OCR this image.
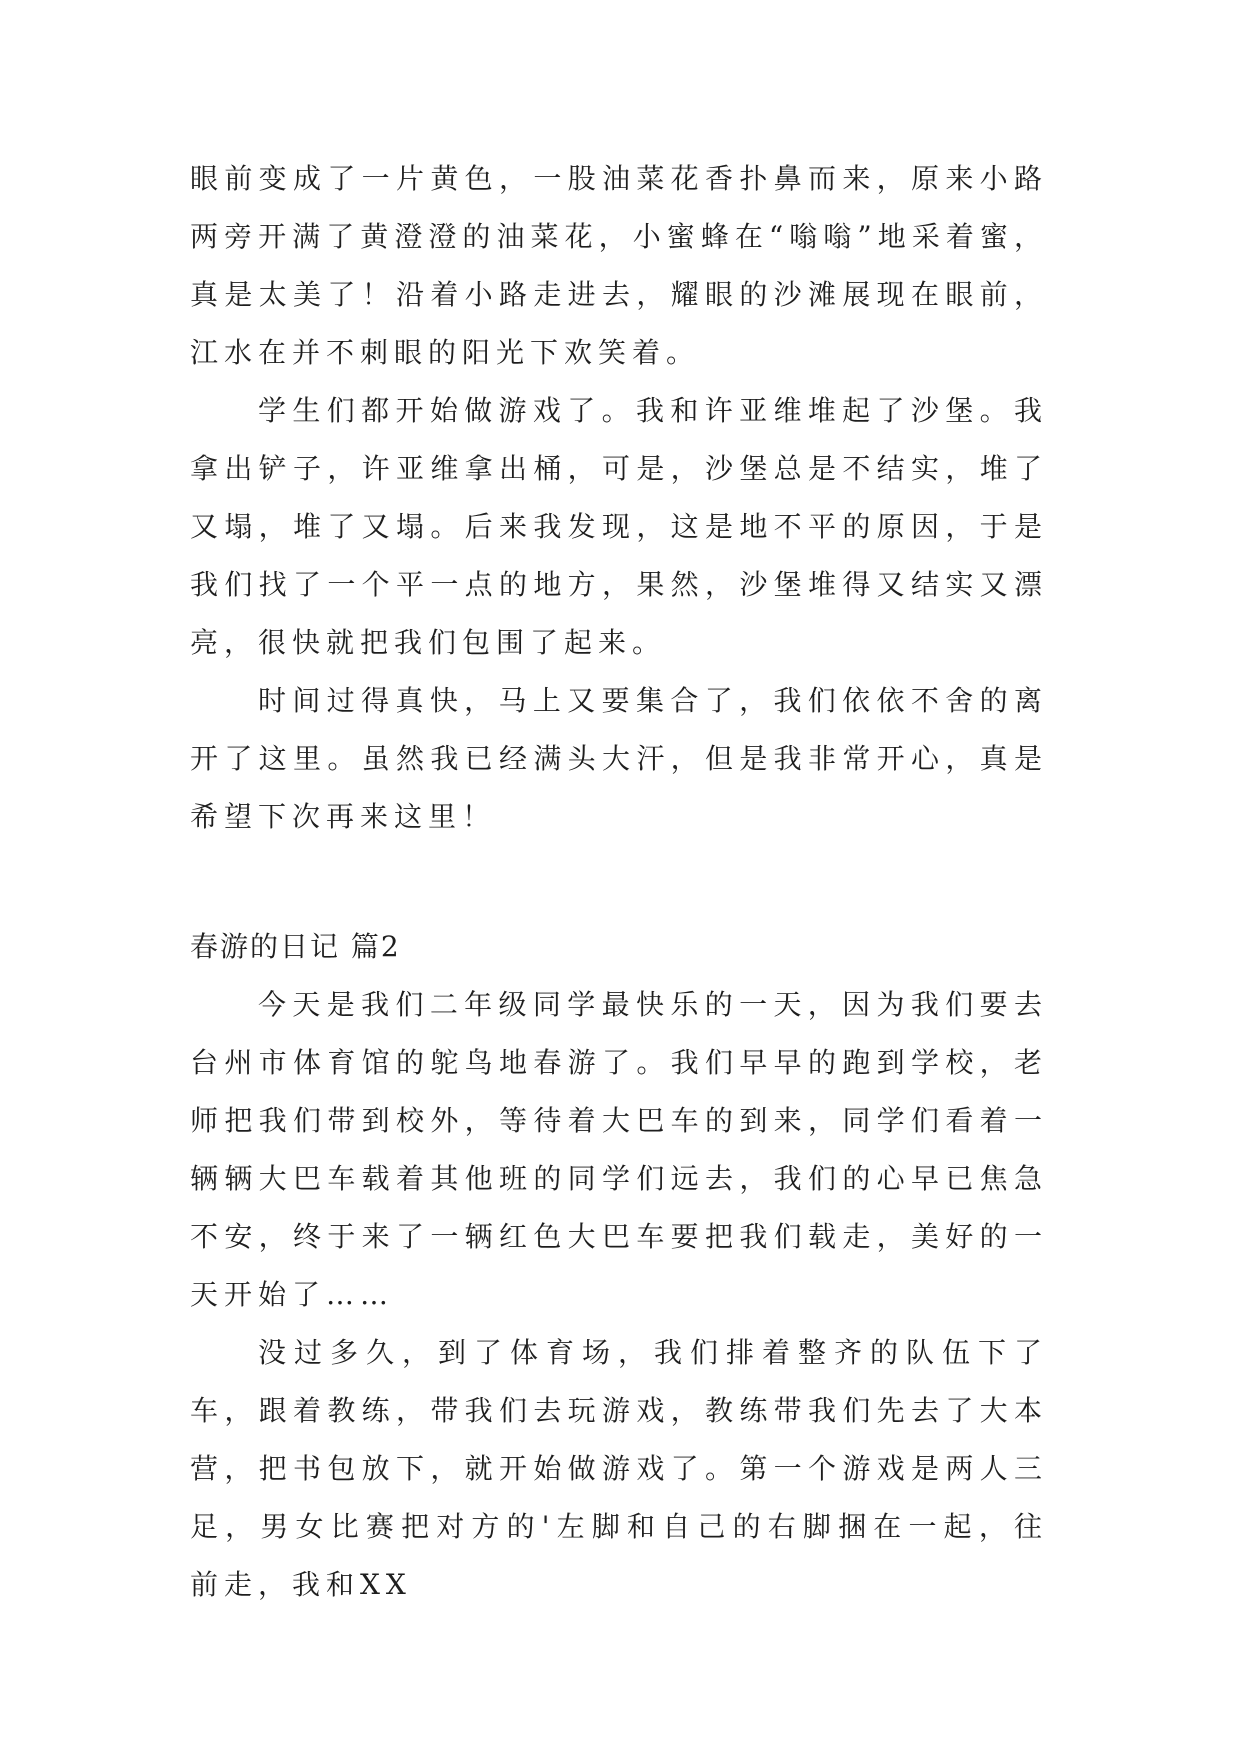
眼前变成了一片黄色，一股油菜花香扑鼻而来，原来小路两旁开满了黄澄澄的油菜花，小蜜蜂在“嗡嗡”地采着蜜，真是太美了！沿着小路走进去，耀眼的沙滩展现在眼前，江水在并不刺眼的阳光下欢笑着。

学生们都开始做游戏了。我和许亚维堆起了沙堡。我拿出铲子，许亚维拿出桶，可是，沙堡总是不结实，堆了又塌，堆了又塌。后来我发现，这是地不平的原因，于是我们找了一个平一点的地方，果然，沙堡堆得又结实又漂亮，很快就把我们包围了起来。

时间过得真快，马上又要集合了，我们依依不舍的离开了这里。虽然我已经满头大汗，但是我非常开心，真是希望下次再来这里！

春游的日记 篇2

今天是我们二年级同学最快乐的一天，因为我们要去台州市体育馆的鸵鸟地春游了。我们早早的跑到学校，老师把我们带到校外，等待着大巴车的到来，同学们看着一辆辆大巴车载着其他班的同学们远去，我们的心早已焦急不安，终于来了一辆红色大巴车要把我们载走，美好的一天开始了……

没过多久，到了体育场，我们排着整齐的队伍下了车，跟着教练，带我们去玩游戏，教练带我们先去了大本营，把书包放下，就开始做游戏了。第一个游戏是两人三足，男女比赛把对方的'左脚和自己的右脚捆在一起，往前走，我和XX
